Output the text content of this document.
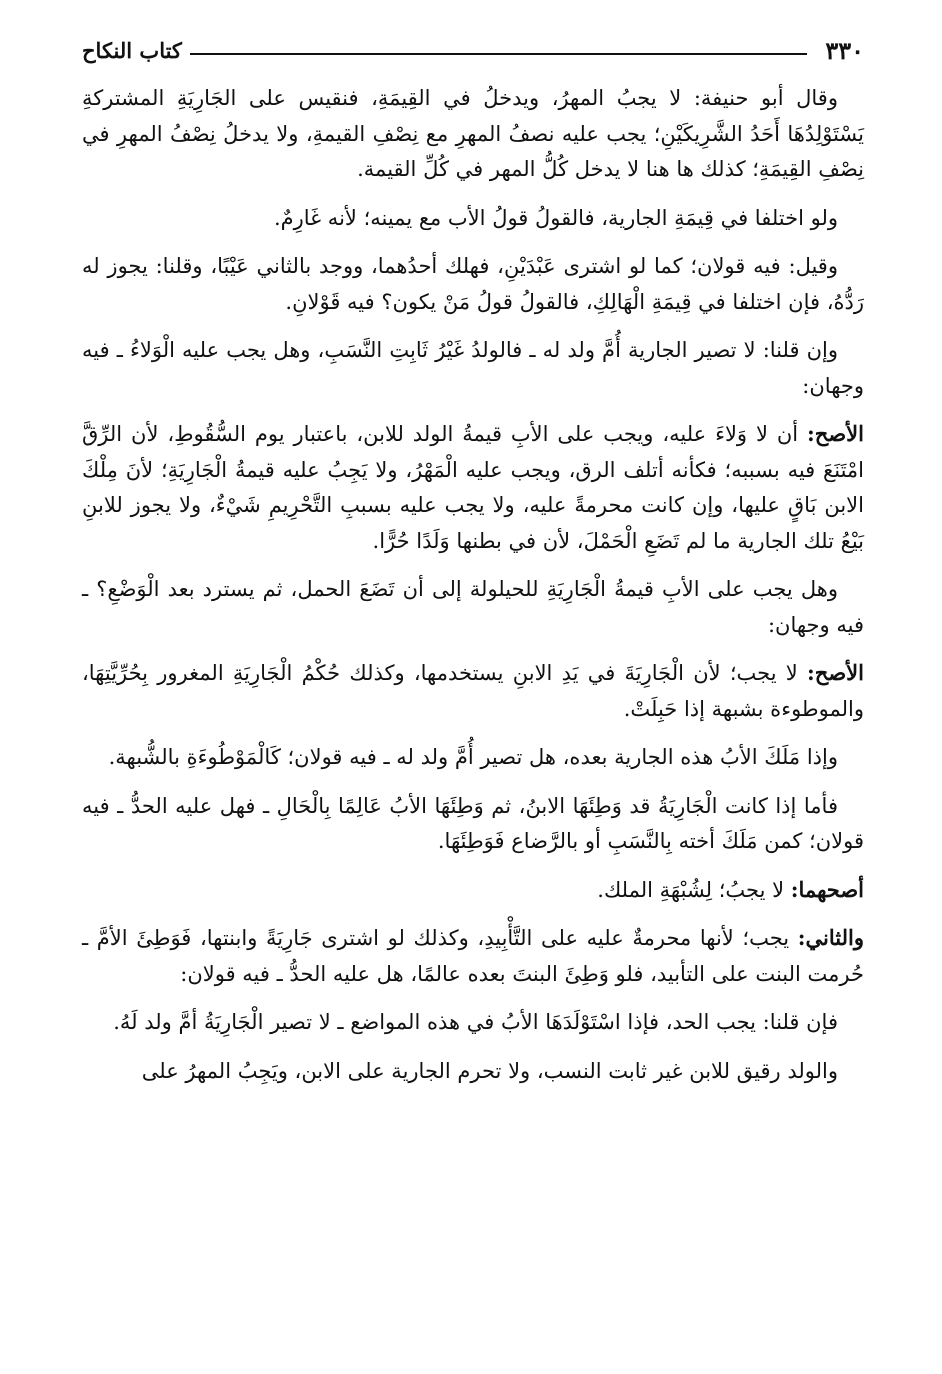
٣٣٠
كتاب النكاح

وقال أبو حنيفة: لا يجبُ المهرُ، ويدخلُ في القِيمَةِ، فنقيس على الجَارِيَةِ المشتركةِ يَسْتَوْلِدُهَا أَحَدُ الشَّرِيكَيْنِ؛ يجب عليه نصفُ المهرِ مع نِصْفِ القيمةِ، ولا يدخلُ نِصْفُ المهرِ في نِصْفِ القِيمَةِ؛ كذلك ها هنا لا يدخل كُلُّ المهر في كُلِّ القيمة.

ولو اختلفا في قِيمَةِ الجارية، فالقولُ قولُ الأب مع يمينه؛ لأنه غَارِمٌ.

وقيل: فيه قولان؛ كما لو اشترى عَبْدَيْنِ، فهلك أحدُهما، ووجد بالثاني عَيْبًا، وقلنا: يجوز له رَدُّهُ، فإن اختلفا في قِيمَةِ الْهَالِكِ، فالقولُ قولُ مَنْ يكون؟ فيه قَوْلانِ.

وإن قلنا: لا تصير الجارية أُمَّ ولد له ـ فالولدُ غَيْرُ ثَابِتِ النَّسَبِ، وهل يجب عليه الْوَلاءُ ـ فيه وجهان:

الأصح: أن لا وَلاءَ عليه، ويجب على الأبِ قيمةُ الولد للابن، باعتبار يوم السُّقُوطِ، لأن الرِّقَّ امْتَنَعَ فيه بسببه؛ فكأنه أتلف الرق، ويجب عليه الْمَهْرُ، ولا يَجِبُ عليه قيمةُ الْجَارِيَةِ؛ لأنَ مِلْكَ الابن بَاقٍ عليها، وإن كانت محرمةً عليه، ولا يجب عليه بسببِ التَّحْرِيمِ شَيْءٌ، ولا يجوز للابنِ بَيْعُ تلك الجارية ما لم تَضَعِ الْحَمْلَ، لأن في بطنها وَلَدًا حُرًّا.

وهل يجب على الأبِ قيمةُ الْجَارِيَةِ للحيلولة إلى أن تَضَعَ الحمل، ثم يسترد بعد الْوَضْعِ؟ ـ فيه وجهان:

الأصح: لا يجب؛ لأن الْجَارِيَةَ في يَدِ الابنِ يستخدمها، وكذلك حُكْمُ الْجَارِيَةِ المغرور بِحُرِّيَّتِهَا، والموطوءة بشبهة إذا حَبِلَتْ.

وإذا مَلَكَ الأبُ هذه الجارية بعده، هل تصير أُمَّ ولد له ـ فيه قولان؛ كَالْمَوْطُوءَةِ بالشُّبهة.

فأما إذا كانت الْجَارِيَةُ قد وَطِئَهَا الابنُ، ثم وَطِئَهَا الأبُ عَالِمًا بِالْحَالِ ـ فهل عليه الحدُّ ـ فيه قولان؛ كمن مَلَكَ أخته بِالنَّسَبِ أو بالرَّضاع فَوَطِئَهَا.

أصحهما: لا يجبُ؛ لِشُبْهَةِ الملك.

والثاني: يجب؛ لأنها محرمةٌ عليه على التَّأْبِيدِ، وكذلك لو اشترى جَارِيَةً وابنتها، فَوَطِئَ الأمَّ ـ حُرمت البنت على التأبيد، فلو وَطِئَ البنتَ بعده عالمًا، هل عليه الحدُّ ـ فيه قولان:

فإن قلنا: يجب الحد، فإذا اسْتَوْلَدَهَا الأبُ في هذه المواضع ـ لا تصير الْجَارِيَةُ أمَّ ولد لَهُ.

والولد رقيق للابن غير ثابت النسب، ولا تحرم الجارية على الابن، ويَجِبُ المهرُ على
